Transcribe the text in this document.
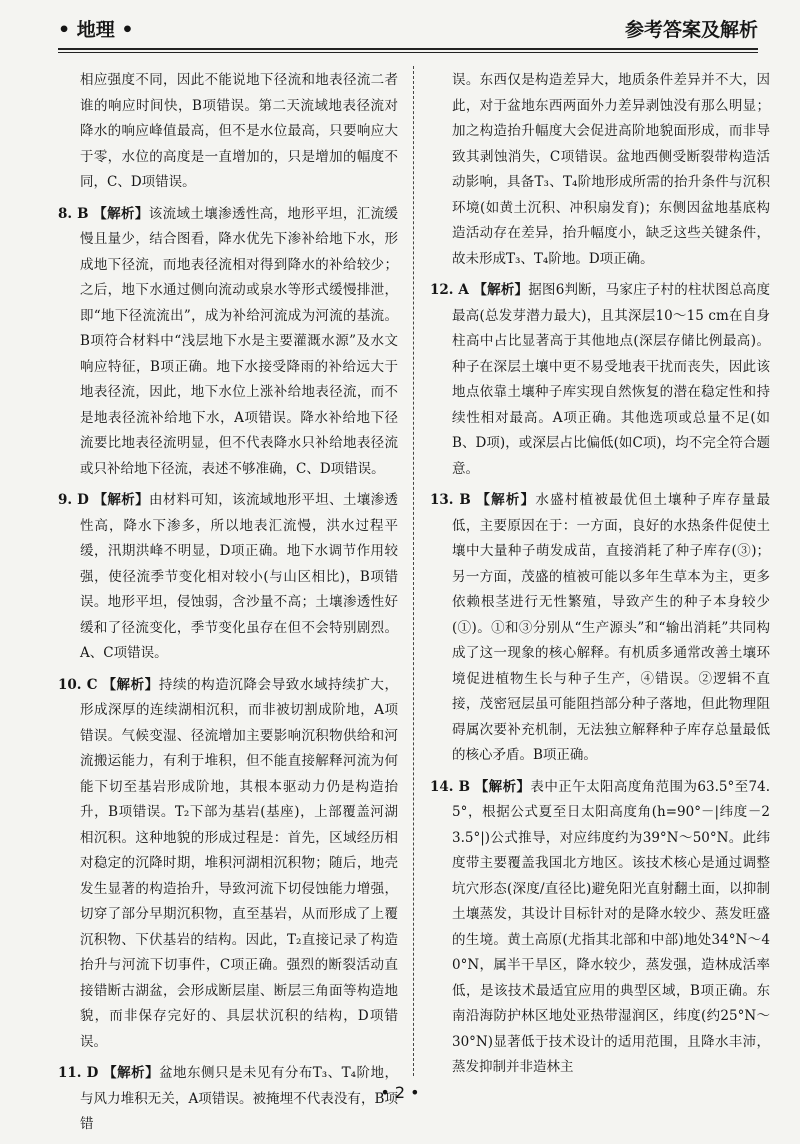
• 地理 •	参考答案及解析

相应强度不同，因此不能说地下径流和地表径流二者谁的响应时间快，B项错误。第二天流域地表径流对降水的响应峰值最高，但不是水位最高，只要响应大于零，水位的高度是一直增加的，只是增加的幅度不同，C、D项错误。

8. B 【解析】该流域土壤渗透性高，地形平坦，汇流缓慢且量少，结合图看，降水优先下渗补给地下水，形成地下径流，而地表径流相对得到降水的补给较少；之后，地下水通过侧向流动或泉水等形式缓慢排泄，即“地下径流流出”，成为补给河流成为河流的基流。B项符合材料中“浅层地下水是主要灌溉水源”及水文响应特征，B项正确。地下水接受降雨的补给远大于地表径流，因此，地下水位上涨补给地表径流，而不是地表径流补给地下水，A项错误。降水补给地下径流要比地表径流明显，但不代表降水只补给地表径流或只补给地下径流，表述不够准确，C、D项错误。

9. D 【解析】由材料可知，该流域地形平坦、土壤渗透性高，降水下渗多，所以地表汇流慢，洪水过程平缓，汛期洪峰不明显，D项正确。地下水调节作用较强，使径流季节变化相对较小(与山区相比)，B项错误。地形平坦，侵蚀弱，含沙量不高；土壤渗透性好缓和了径流变化，季节变化虽存在但不会特别剧烈。A、C项错误。

10. C 【解析】持续的构造沉降会导致水域持续扩大，形成深厚的连续湖相沉积，而非被切割成阶地，A项错误。气候变湿、径流增加主要影响沉积物供给和河流搬运能力，有利于堆积，但不能直接解释河流为何能下切至基岩形成阶地，其根本驱动力仍是构造抬升，B项错误。T₂下部为基岩(基座)，上部覆盖河湖相沉积。这种地貌的形成过程是：首先，区域经历相对稳定的沉降时期，堆积河湖相沉积物；随后，地壳发生显著的构造抬升，导致河流下切侵蚀能力增强，切穿了部分早期沉积物，直至基岩，从而形成了上覆沉积物、下伏基岩的结构。因此，T₂直接记录了构造抬升与河流下切事件，C项正确。强烈的断裂活动直接错断古湖盆，会形成断层崖、断层三角面等构造地貌，而非保存完好的、具层状沉积的结构，D项错误。

11. D 【解析】盆地东侧只是未见有分布T₃、T₄阶地，与风力堆积无关，A项错误。被掩埋不代表没有，B项错

误。东西仅是构造差异大，地质条件差异并不大，因此，对于盆地东西两面外力差异剥蚀没有那么明显；加之构造抬升幅度大会促进高阶地貌面形成，而非导致其剥蚀消失，C项错误。盆地西侧受断裂带构造活动影响，具备T₃、T₄阶地形成所需的抬升条件与沉积环境(如黄土沉积、冲积扇发育)；东侧因盆地基底构造活动存在差异，抬升幅度小，缺乏这些关键条件，故未形成T₃、T₄阶地。D项正确。

12. A 【解析】据图6判断，马家庄子村的柱状图总高度最高(总发芽潜力最大)，且其深层10～15 cm在自身柱高中占比显著高于其他地点(深层存储比例最高)。种子在深层土壤中更不易受地表干扰而丧失，因此该地点依靠土壤种子库实现自然恢复的潜在稳定性和持续性相对最高。A项正确。其他选项或总量不足(如B、D项)，或深层占比偏低(如C项)，均不完全符合题意。

13. B 【解析】水盛村植被最优但土壤种子库存量最低，主要原因在于：一方面，良好的水热条件促使土壤中大量种子萌发成苗，直接消耗了种子库存(③)；另一方面，茂盛的植被可能以多年生草本为主，更多依赖根茎进行无性繁殖，导致产生的种子本身较少(①)。①和③分别从“生产源头”和“输出消耗”共同构成了这一现象的核心解释。有机质多通常改善土壤环境促进植物生长与种子生产，④错误。②逻辑不直接，茂密冠层虽可能阻挡部分种子落地，但此物理阻碍属次要补充机制，无法独立解释种子库存总量最低的核心矛盾。B项正确。

14. B 【解析】表中正午太阳高度角范围为63.5°至74.5°，根据公式夏至日太阳高度角(h=90°－|纬度－23.5°|)公式推导，对应纬度约为39°N～50°N。此纬度带主要覆盖我国北方地区。该技术核心是通过调整坑穴形态(深度/直径比)避免阳光直射翻土面，以抑制土壤蒸发，其设计目标针对的是降水较少、蒸发旺盛的生境。黄土高原(尤指其北部和中部)地处34°N～40°N，属半干旱区，降水较少，蒸发强，造林成活率低，是该技术最适宜应用的典型区域，B项正确。东南沿海防护林区地处亚热带湿润区，纬度(约25°N～30°N)显著低于技术设计的适用范围，且降水丰沛，蒸发抑制并非造林主

• 2 •
